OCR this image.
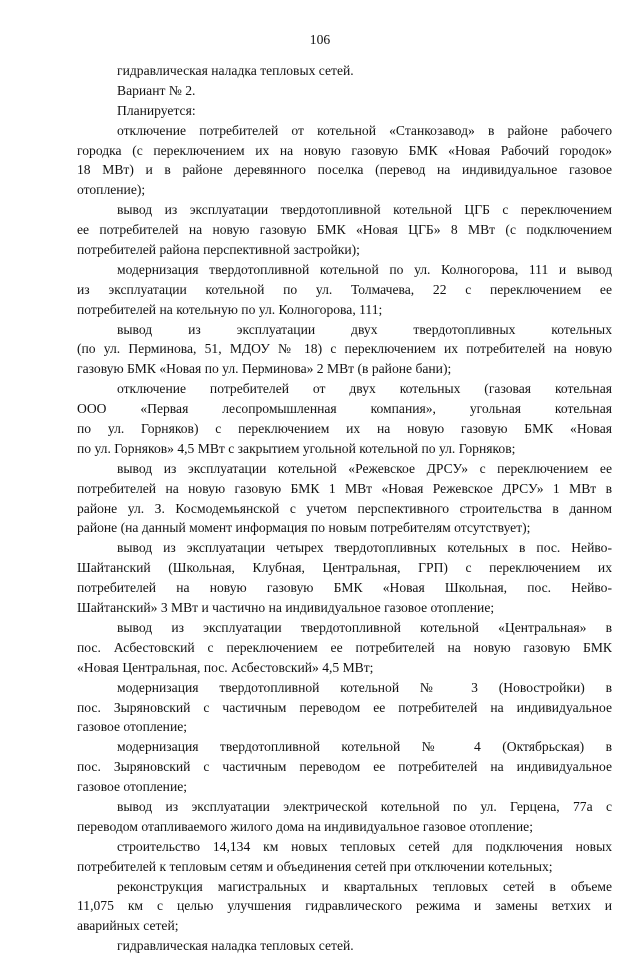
106
гидравлическая наладка тепловых сетей.
Вариант № 2.
Планируется:
отключение потребителей от котельной «Станкозавод» в районе рабочего
городка (с переключением их на новую газовую БМК «Новая Рабочий городок»
18 МВт) и в районе деревянного поселка (перевод на индивидуальное газовое
отопление);
вывод из эксплуатации твердотопливной котельной ЦГБ с переключением
ее потребителей на новую газовую БМК «Новая ЦГБ» 8 МВт (с подключением
потребителей района перспективной застройки);
модернизация твердотопливной котельной по ул. Колногорова, 111 и вывод
из эксплуатации котельной по ул. Толмачева, 22 с переключением ее
потребителей на котельную по ул. Колногорова, 111;
вывод из эксплуатации двух твердотопливных котельных
(по ул. Перминова, 51, МДОУ № 18) с переключением их потребителей на новую
газовую БМК «Новая по ул. Перминова» 2 МВт (в районе бани);
отключение потребителей от двух котельных (газовая котельная
ООО «Первая лесопромышленная компания», угольная котельная
по ул. Горняков) с переключением их на новую газовую БМК «Новая
по ул. Горняков» 4,5 МВт с закрытием угольной котельной по ул. Горняков;
вывод из эксплуатации котельной «Режевское ДРСУ» с переключением ее
потребителей на новую газовую БМК 1 МВт «Новая Режевское ДРСУ» 1 МВт в
районе ул. З. Космодемьянской с учетом перспективного строительства в данном
районе (на данный момент информация по новым потребителям отсутствует);
вывод из эксплуатации четырех твердотопливных котельных в пос. Нейво-
Шайтанский (Школьная, Клубная, Центральная, ГРП) с переключением их
потребителей на новую газовую БМК «Новая Школьная, пос. Нейво-
Шайтанский» 3 МВт и частично на индивидуальное газовое отопление;
вывод из эксплуатации твердотопливной котельной «Центральная» в
пос. Асбестовский с переключением ее потребителей на новую газовую БМК
«Новая Центральная, пос. Асбестовский» 4,5 МВт;
модернизация твердотопливной котельной № 3 (Новостройки) в
пос. Зыряновский с частичным переводом ее потребителей на индивидуальное
газовое отопление;
модернизация твердотопливной котельной № 4 (Октябрьская) в
пос. Зыряновский с частичным переводом ее потребителей на индивидуальное
газовое отопление;
вывод из эксплуатации электрической котельной по ул. Герцена, 77а с
переводом отапливаемого жилого дома на индивидуальное газовое отопление;
строительство 14,134 км новых тепловых сетей для подключения новых
потребителей к тепловым сетям и объединения сетей при отключении котельных;
реконструкция магистральных и квартальных тепловых сетей в объеме
11,075 км с целью улучшения гидравлического режима и замены ветхих и
аварийных сетей;
гидравлическая наладка тепловых сетей.
